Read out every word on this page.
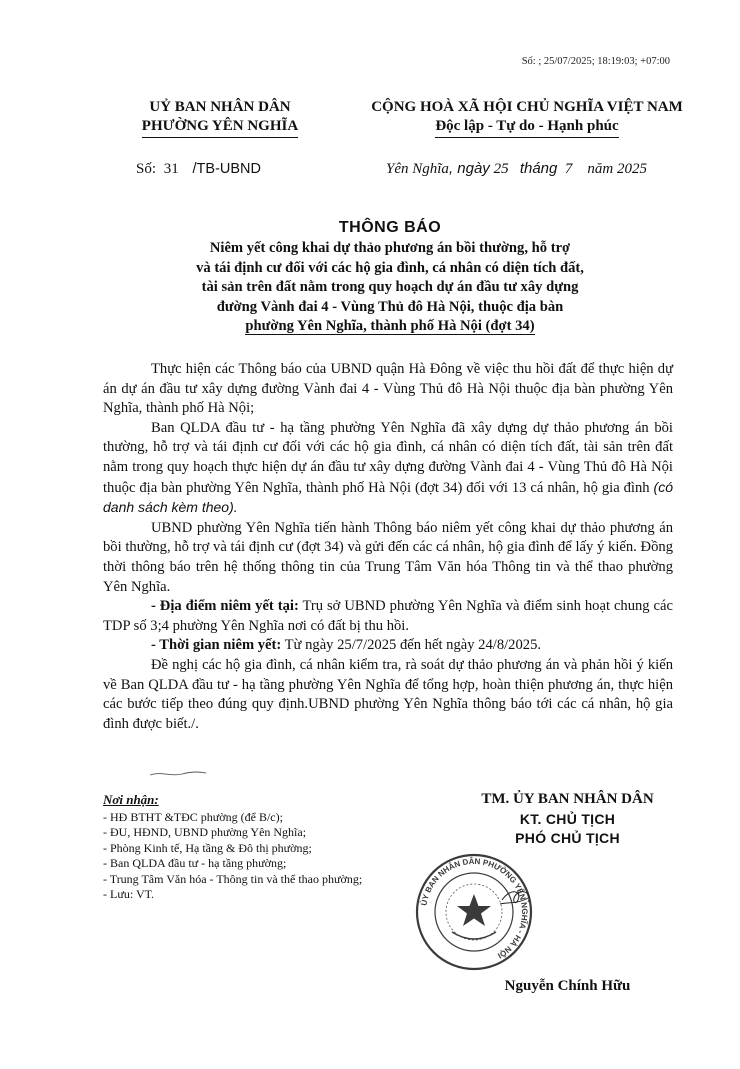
Số: ; 25/07/2025; 18:19:03; +07:00
UỶ BAN NHÂN DÂN
PHƯỜNG YÊN NGHĨA
CỘNG HOÀ XÃ HỘI CHỦ NGHĨA VIỆT NAM
Độc lập - Tự do - Hạnh phúc
Số: 31 /TB-UBND	Yên Nghĩa, ngày 25 tháng 7 năm 2025
THÔNG BÁO
Niêm yết công khai dự thảo phương án bồi thường, hỗ trợ
và tái định cư đối với các hộ gia đình, cá nhân có diện tích đất,
tài sản trên đất nằm trong quy hoạch dự án đầu tư xây dựng
đường Vành đai 4 - Vùng Thủ đô Hà Nội, thuộc địa bàn
phường Yên Nghĩa, thành phố Hà Nội (đợt 34)

Thực hiện các Thông báo của UBND quận Hà Đông về việc thu hồi đất để thực hiện dự án dự án đầu tư xây dựng đường Vành đai 4 - Vùng Thủ đô Hà Nội thuộc địa bàn phường Yên Nghĩa, thành phố Hà Nội;

Ban QLDA đầu tư - hạ tầng phường Yên Nghĩa đã xây dựng dự thảo phương án bồi thường, hỗ trợ và tái định cư đối với các hộ gia đình, cá nhân có diện tích đất, tài sản trên đất nằm trong quy hoạch thực hiện dự án đầu tư xây dựng đường Vành đai 4 - Vùng Thủ đô Hà Nội thuộc địa bàn phường Yên Nghĩa, thành phố Hà Nội (đợt 34) đối với 13 cá nhân, hộ gia đình (có danh sách kèm theo).

UBND phường Yên Nghĩa tiến hành Thông báo niêm yết công khai dự thảo phương án bồi thường, hỗ trợ và tái định cư (đợt 34) và gửi đến các cá nhân, hộ gia đình để lấy ý kiến. Đồng thời thông báo trên hệ thống thông tin của Trung Tâm Văn hóa Thông tin và thể thao phường Yên Nghĩa.

- Địa điểm niêm yết tại: Trụ sở UBND phường Yên Nghĩa và điểm sinh hoạt chung các TDP số 3;4 phường Yên Nghĩa nơi có đất bị thu hồi.

- Thời gian niêm yết: Từ ngày 25/7/2025 đến hết ngày 24/8/2025.

Đề nghị các hộ gia đình, cá nhân kiểm tra, rà soát dự thảo phương án và phản hồi ý kiến về Ban QLDA đầu tư - hạ tầng phường Yên Nghĩa để tổng hợp, hoàn thiện phương án, thực hiện các bước tiếp theo đúng quy định.UBND phường Yên Nghĩa thông báo tới các cá nhân, hộ gia đình được biết./.

Nơi nhận:
- HĐ BTHT &TĐC phường (để B/c);
- ĐU, HĐND, UBND phường Yên Nghĩa;
- Phòng Kinh tế, Hạ tầng & Đô thị phường;
- Ban QLDA đầu tư - hạ tầng phường;
- Trung Tâm Văn hóa - Thông tin và thể thao phường;
- Lưu: VT.
TM. ỦY BAN NHÂN DÂN
KT. CHỦ TỊCH
PHÓ CHỦ TỊCH
ỦY BAN NHÂN DÂN PHƯỜNG YÊN NGHĨA - HÀ NỘI
Nguyễn Chính Hữu
